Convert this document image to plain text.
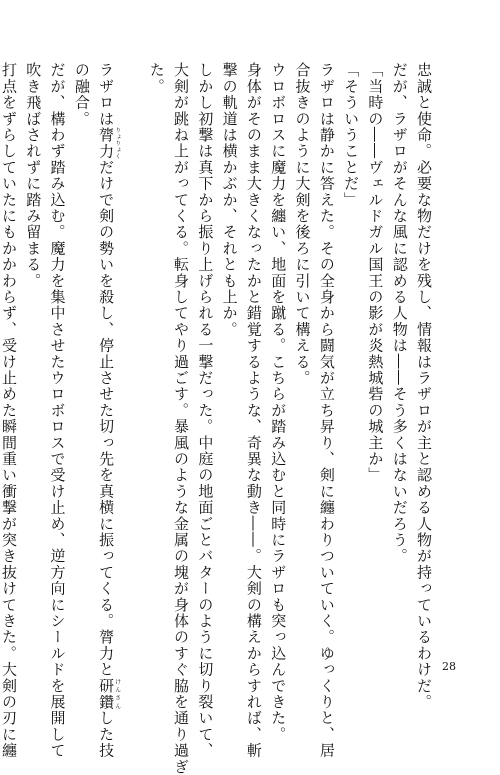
忠誠と使命。必要な物だけを残し、情報はラザロが主と認める人物が持っているわけだ。
だが、ラザロがそんな風に認める人物は――そう多くはないだろう。
「当時の――ヴェルドガル国王の影が炎熱城砦の城主か」
「そういうことだ」
ラザロは静かに答えた。その全身から闘気が立ち昇り、剣に纏わりついていく。ゆっくりと、居
合抜きのように大剣を後ろに引いて構える。
ウロボロスに魔力を纏い、地面を蹴る。こちらが踏み込むと同時にラザロも突っ込んできた。
身体がそのまま大きくなったかと錯覚するような、奇異な動き――。大剣の構えからすれば、斬
撃の軌道は横かぶか、それとも上か。
しかし初撃は真下から振り上げられる一撃だった。中庭の地面ごとバターのように切り裂いて、
大剣が跳ね上がってくる。転身してやり過ごす。暴風のような金属の塊が身体のすぐ脇を通り過ぎ
た。
ラザロは膂力りょりょくだけで剣の勢いを殺し、停止させた切っ先を真横に振ってくる。膂力と研鑽けんさんした技
の融合。
だが、構わず踏み込む。魔力を集中させたウロボロスで受け止め、逆方向にシールドを展開して
吹き飛ばされずに踏み留まる。
打点をずらしていたにもかかわらず、受け止めた瞬間重い衝撃が突き抜けてきた。大剣の刃に纏	28
